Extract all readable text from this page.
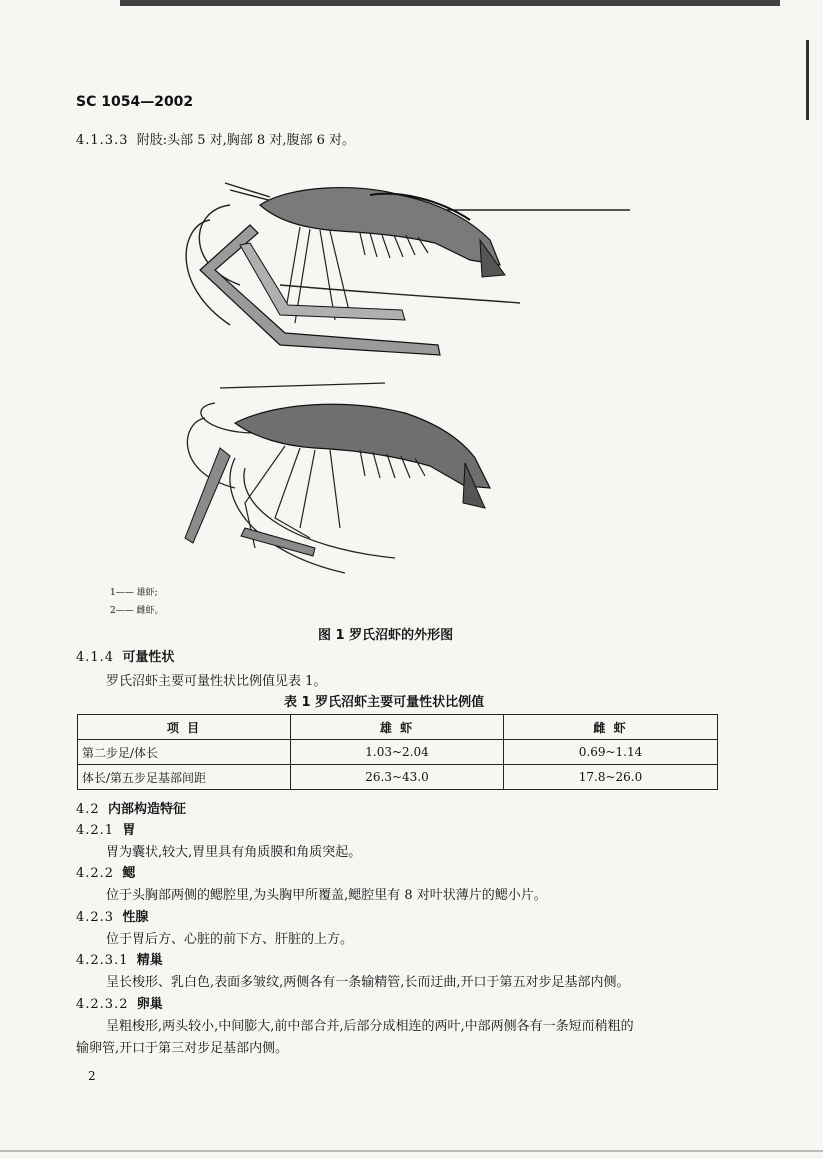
SC 1054—2002
4.1.3.3 附肢:头部 5 对,胸部 8 对,腹部 6 对。
1—— 雄虾;
2—— 雌虾。
图 1 罗氏沼虾的外形图
4.1.4 可量性状
罗氏沼虾主要可量性状比例值见表 1。
表 1 罗氏沼虾主要可量性状比例值
项 目	雄 虾	雌 虾
第二步足/体长	1.03~2.04	0.69~1.14
体长/第五步足基部间距	26.3~43.0	17.8~26.0
4.2 内部构造特征
4.2.1 胃
胃为囊状,较大,胃里具有角质膜和角质突起。
4.2.2 鳃
位于头胸部两侧的鳃腔里,为头胸甲所覆盖,鳃腔里有 8 对叶状薄片的鳃小片。
4.2.3 性腺
位于胃后方、心脏的前下方、肝脏的上方。
4.2.3.1 精巢
呈长梭形、乳白色,表面多皱纹,两侧各有一条输精管,长而迂曲,开口于第五对步足基部内侧。
4.2.3.2 卵巢
呈粗梭形,两头较小,中间膨大,前中部合并,后部分成相连的两叶,中部两侧各有一条短而稍粗的
输卵管,开口于第三对步足基部内侧。
2
